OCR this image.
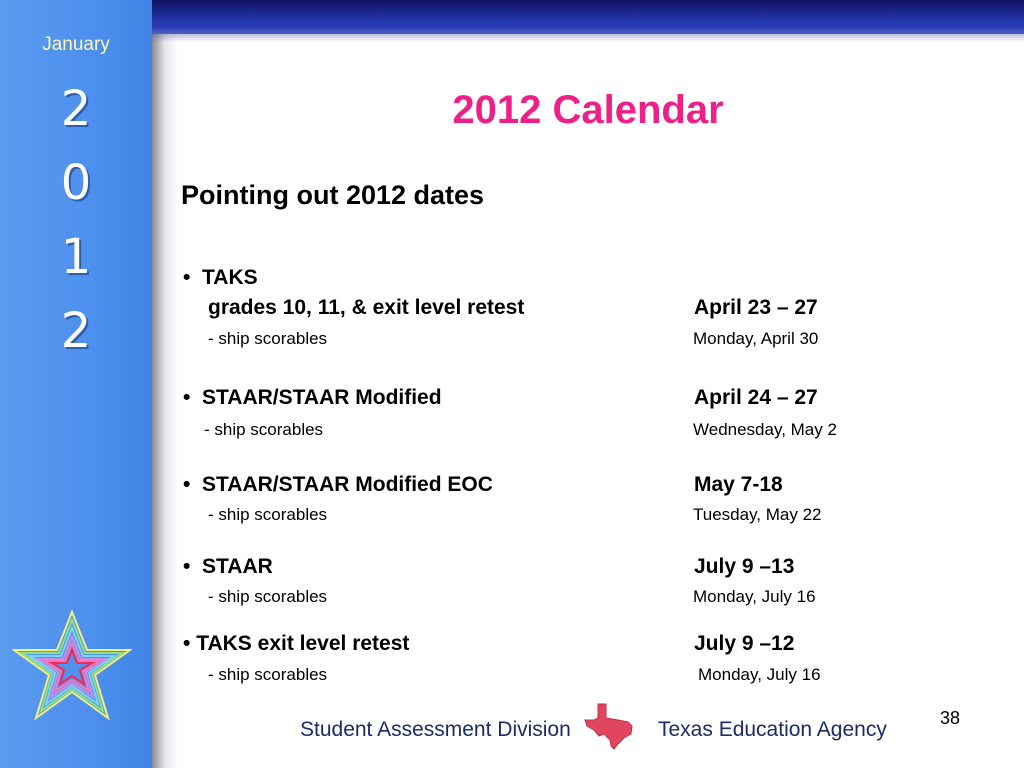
January
2
0
1
2
2012 Calendar
Pointing out 2012 dates
• TAKS
grades 10, 11, & exit level retest	April 23 – 27
- ship scorables	Monday, April 30
• STAAR/STAAR Modified	April 24 – 27
- ship scorables	Wednesday, May 2
• STAAR/STAAR Modified EOC	May 7-18
- ship scorables	Tuesday, May 22
• STAAR	July 9 –13
- ship scorables	Monday, July 16
• TAKS exit level retest	July 9 –12
- ship scorables	Monday, July 16
Student Assessment Division	Texas Education Agency	38
